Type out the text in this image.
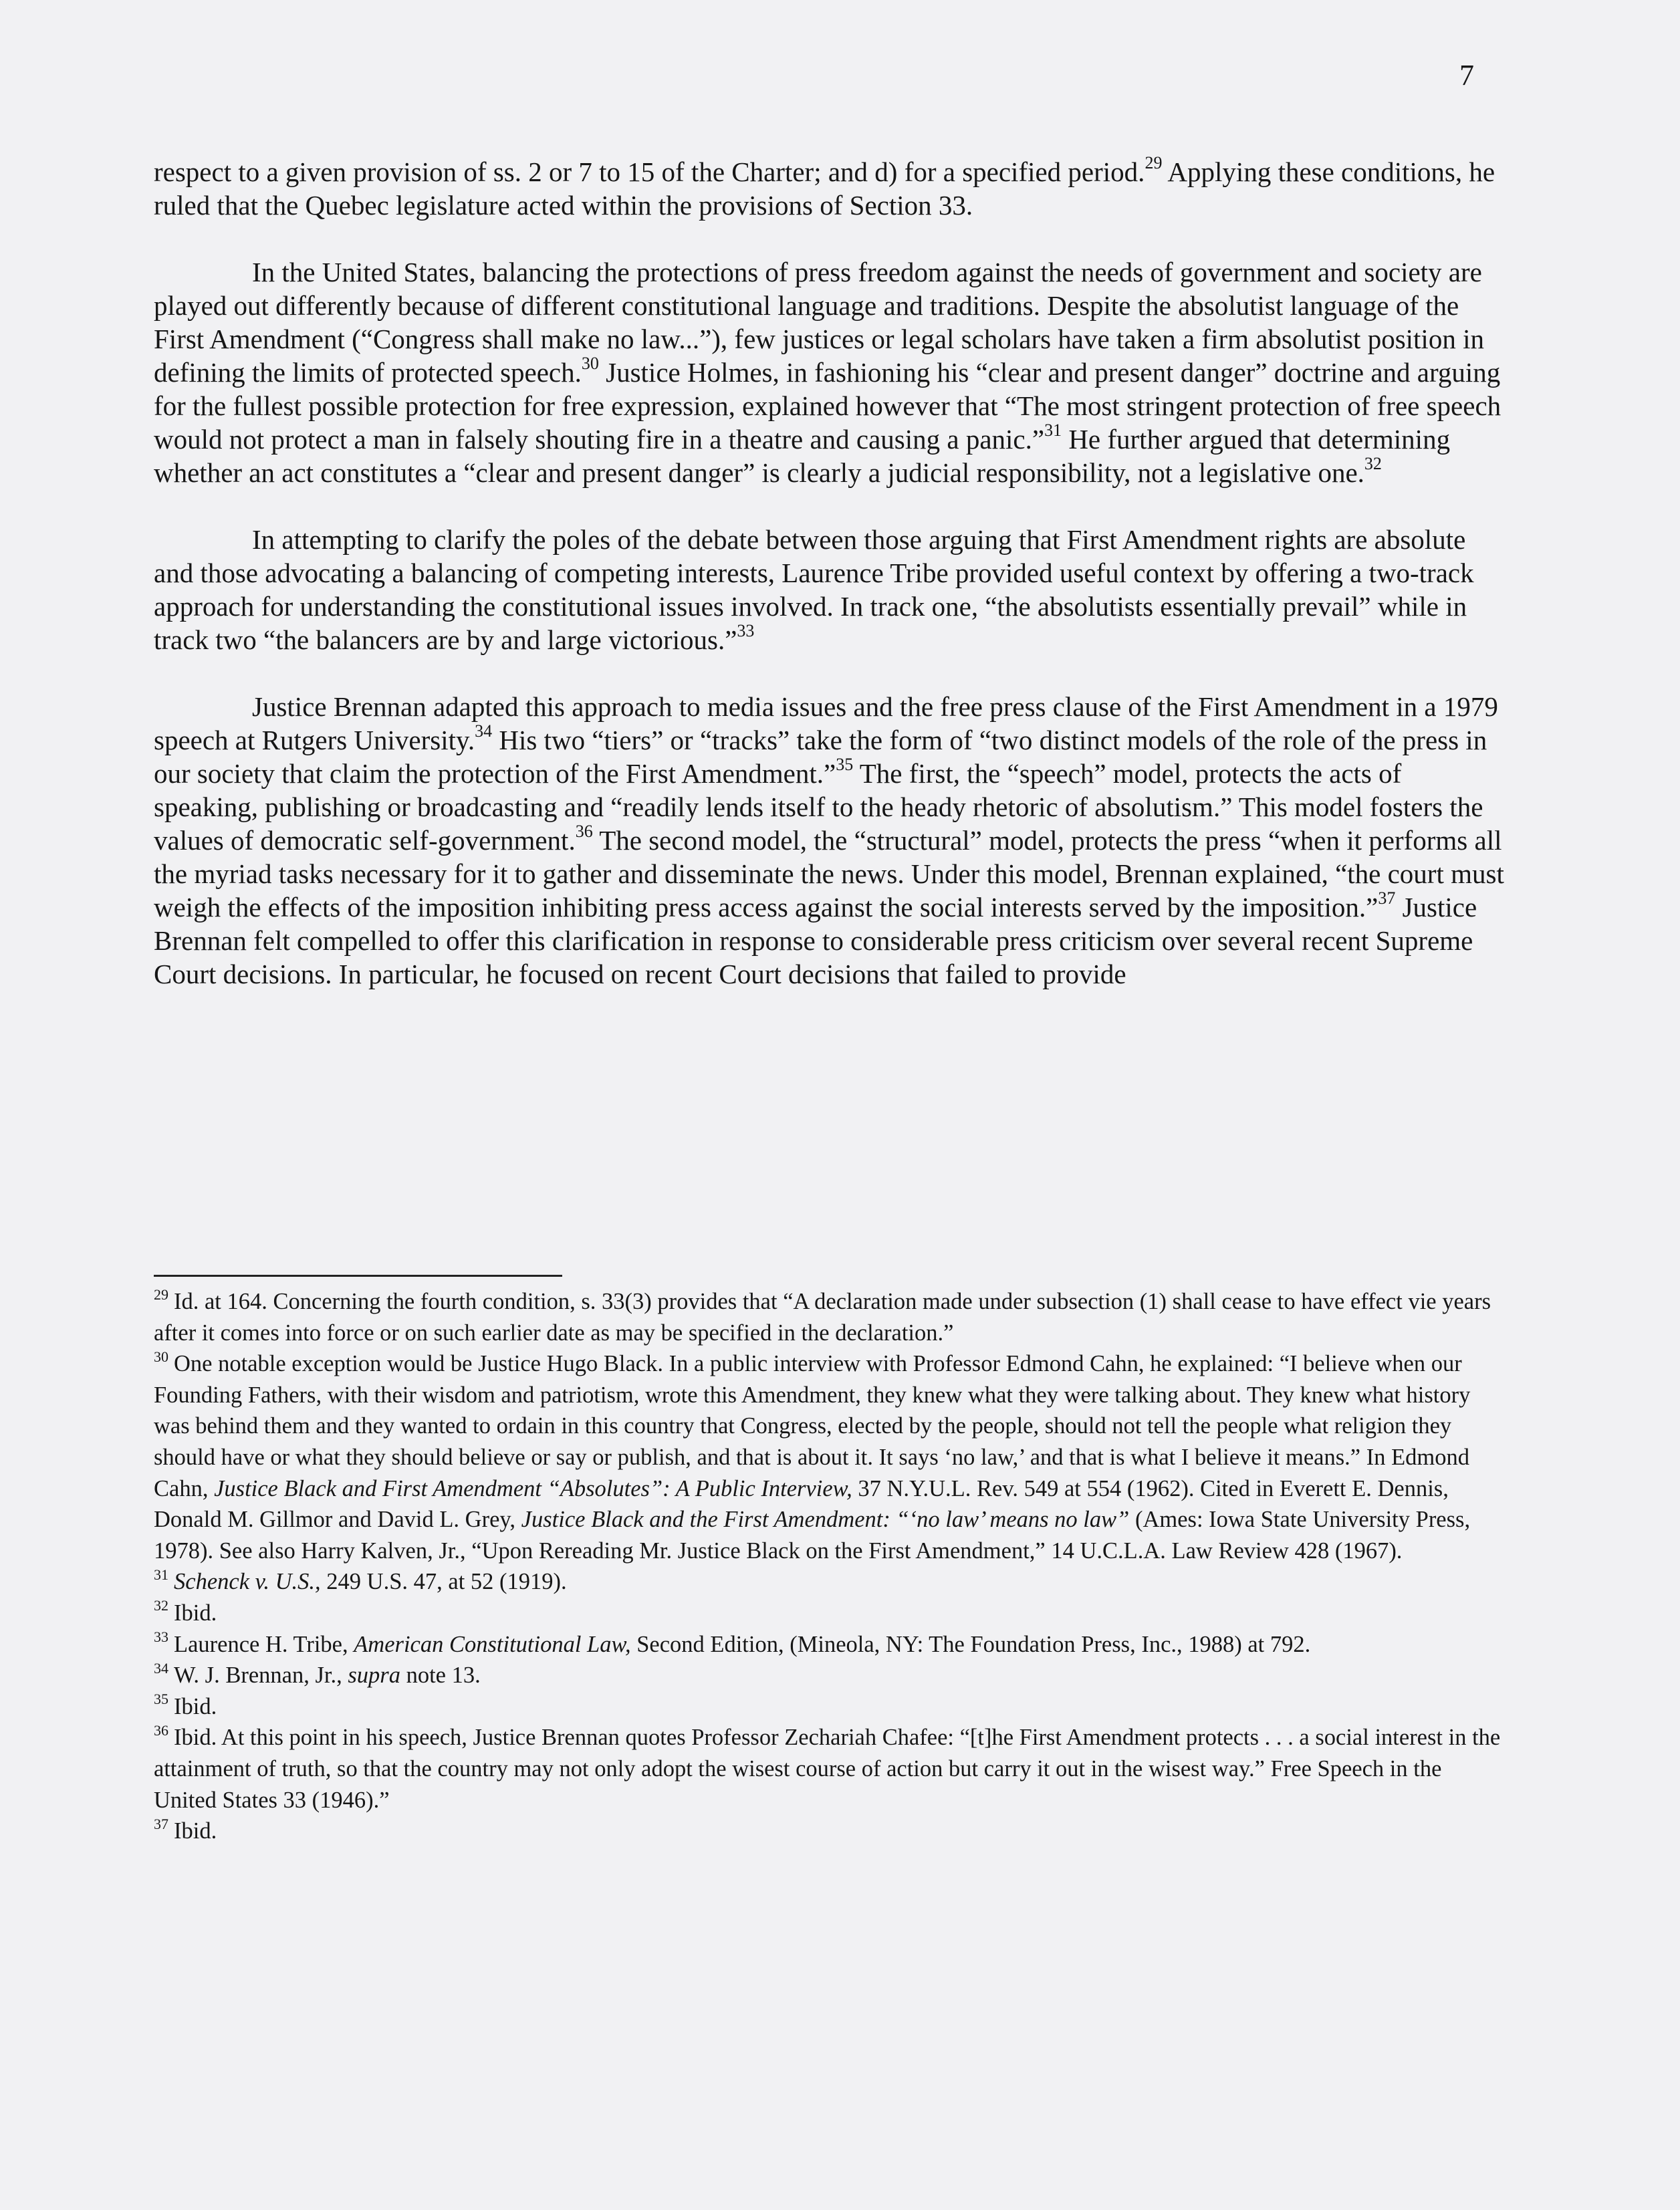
7

respect to a given provision of ss. 2 or 7 to 15 of the Charter; and d) for a specified period.$^{29}$ Applying these conditions, he ruled that the Quebec legislature acted within the provisions of Section 33.

In the United States, balancing the protections of press freedom against the needs of government and society are played out differently because of different constitutional language and traditions. Despite the absolutist language of the First Amendment (“Congress shall make no law...”), few justices or legal scholars have taken a firm absolutist position in defining the limits of protected speech.$^{30}$ Justice Holmes, in fashioning his “clear and present danger” doctrine and arguing for the fullest possible protection for free expression, explained however that “The most stringent protection of free speech would not protect a man in falsely shouting fire in a theatre and causing a panic.”$^{31}$ He further argued that determining whether an act constitutes a “clear and present danger” is clearly a judicial responsibility, not a legislative one.$^{32}$

In attempting to clarify the poles of the debate between those arguing that First Amendment rights are absolute and those advocating a balancing of competing interests, Laurence Tribe provided useful context by offering a two-track approach for understanding the constitutional issues involved. In track one, “the absolutists essentially prevail” while in track two “the balancers are by and large victorious.”$^{33}$

Justice Brennan adapted this approach to media issues and the free press clause of the First Amendment in a 1979 speech at Rutgers University.$^{34}$ His two “tiers” or “tracks” take the form of “two distinct models of the role of the press in our society that claim the protection of the First Amendment.”$^{35}$ The first, the “speech” model, protects the acts of speaking, publishing or broadcasting and “readily lends itself to the heady rhetoric of absolutism.” This model fosters the values of democratic self-government.$^{36}$ The second model, the “structural” model, protects the press “when it performs all the myriad tasks necessary for it to gather and disseminate the news. Under this model, Brennan explained, “the court must weigh the effects of the imposition inhibiting press access against the social interests served by the imposition.”$^{37}$ Justice Brennan felt compelled to offer this clarification in response to considerable press criticism over several recent Supreme Court decisions. In particular, he focused on recent Court decisions that failed to provide

$^{29}$ Id. at 164. Concerning the fourth condition, s. 33(3) provides that “A declaration made under subsection (1) shall cease to have effect vie years after it comes into force or on such earlier date as may be specified in the declaration.”

$^{30}$ One notable exception would be Justice Hugo Black. In a public interview with Professor Edmond Cahn, he explained: “I believe when our Founding Fathers, with their wisdom and patriotism, wrote this Amendment, they knew what they were talking about. They knew what history was behind them and they wanted to ordain in this country that Congress, elected by the people, should not tell the people what religion they should have or what they should believe or say or publish, and that is about it. It says ‘no law,’ and that is what I believe it means.” In Edmond Cahn, Justice Black and First Amendment “Absolutes”: A Public Interview, 37 N.Y.U.L. Rev. 549 at 554 (1962). Cited in Everett E. Dennis, Donald M. Gillmor and David L. Grey, Justice Black and the First Amendment: “‘no law’ means no law” (Ames: Iowa State University Press, 1978). See also Harry Kalven, Jr., “Upon Rereading Mr. Justice Black on the First Amendment,” 14 U.C.L.A. Law Review 428 (1967).

$^{31}$ Schenck v. U.S., 249 U.S. 47, at 52 (1919).

$^{32}$ Ibid.

$^{33}$ Laurence H. Tribe, American Constitutional Law, Second Edition, (Mineola, NY: The Foundation Press, Inc., 1988) at 792.

$^{34}$ W. J. Brennan, Jr., supra note 13.

$^{35}$ Ibid.

$^{36}$ Ibid. At this point in his speech, Justice Brennan quotes Professor Zechariah Chafee: “[t]he First Amendment protects . . . a social interest in the attainment of truth, so that the country may not only adopt the wisest course of action but carry it out in the wisest way.” Free Speech in the United States 33 (1946).”

$^{37}$ Ibid.
